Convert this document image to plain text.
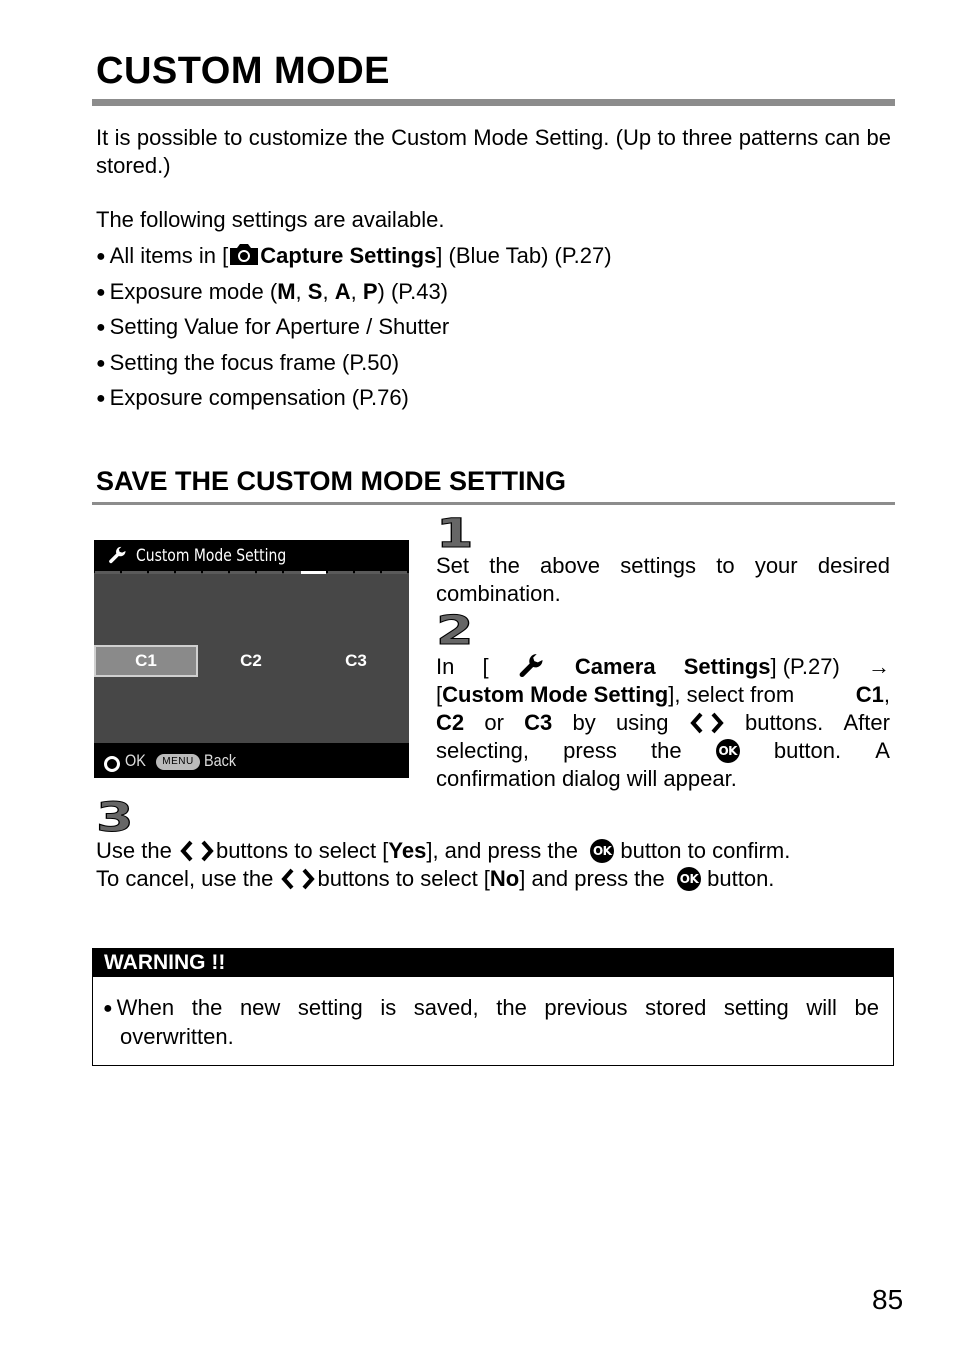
CUSTOM MODE
It is possible to customize the Custom Mode Setting. (Up to three patterns can be stored.)
The following settings are available.
● All items in [ Capture Settings] (Blue Tab) (P.27)
● Exposure mode (M, S, A, P) (P.43)
● Setting Value for Aperture / Shutter
● Setting the focus frame (P.50)
● Exposure compensation (P.76)
SAVE THE CUSTOM MODE SETTING
Custom Mode Setting
C1	C2	C3
OK	MENU Back
1
Set the above settings to your desired combination.
2
In [	Camera Settings] (P.27) →
[Custom Mode Setting], select from	C1,
C2 or C3 by using	buttons. After
selecting, press the	OK button. A
confirmation dialog will appear.
3
Use the
buttons to select [ Yes ], and press the
OK
button to confirm.
To cancel, use the
buttons to select [ No ] and press the
OK
button.
WARNING !!
● When the new setting is saved, the previous stored setting will be
overwritten.
85
